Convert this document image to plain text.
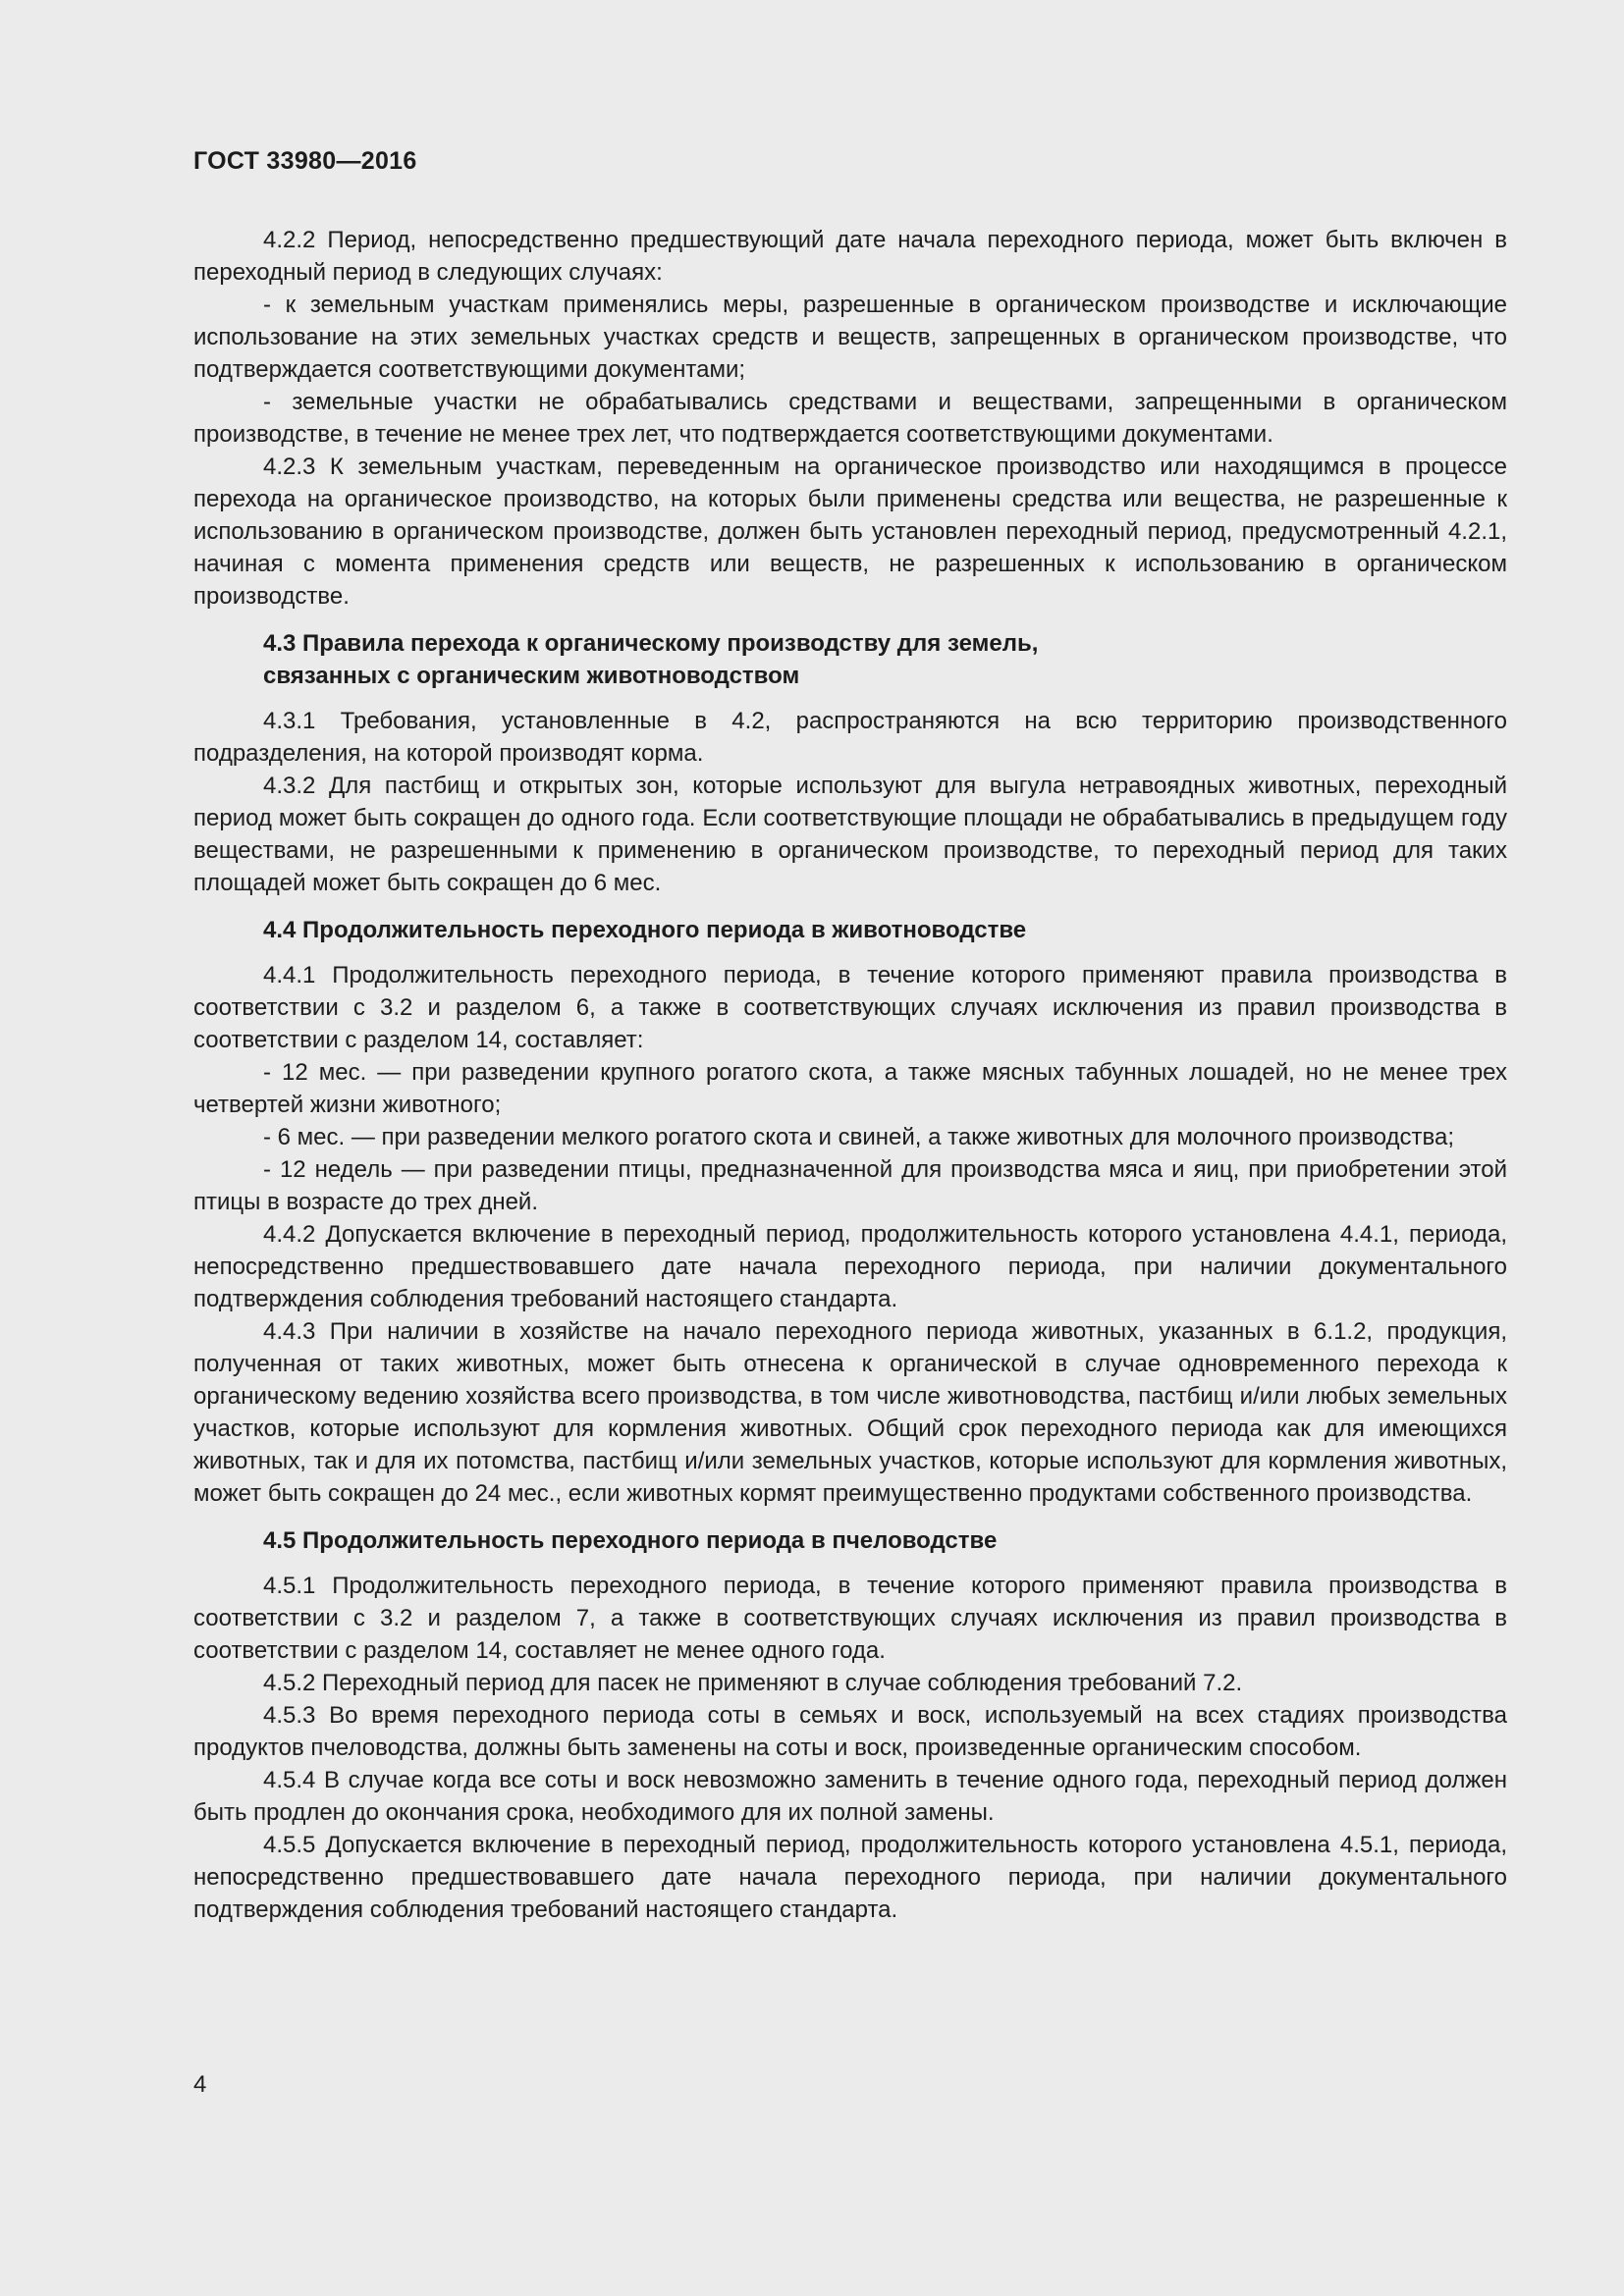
ГОСТ 33980—2016

4.2.2 Период, непосредственно предшествующий дате начала переходного периода, может быть включен в переходный период в следующих случаях:

- к земельным участкам применялись меры, разрешенные в органическом производстве и исключающие использование на этих земельных участках средств и веществ, запрещенных в органическом производстве, что подтверждается соответствующими документами;

- земельные участки не обрабатывались средствами и веществами, запрещенными в органическом производстве, в течение не менее трех лет, что подтверждается соответствующими документами.

4.2.3 К земельным участкам, переведенным на органическое производство или находящимся в процессе перехода на органическое производство, на которых были применены средства или вещества, не разрешенные к использованию в органическом производстве, должен быть установлен переходный период, предусмотренный 4.2.1, начиная с момента применения средств или веществ, не разрешенных к использованию в органическом производстве.

4.3 Правила перехода к органическому производству для земель,
связанных с органическим животноводством

4.3.1 Требования, установленные в 4.2, распространяются на всю территорию производственного подразделения, на которой производят корма.

4.3.2 Для пастбищ и открытых зон, которые используют для выгула нетравоядных животных, переходный период может быть сокращен до одного года. Если соответствующие площади не обрабатывались в предыдущем году веществами, не разрешенными к применению в органическом производстве, то переходный период для таких площадей может быть сокращен до 6 мес.

4.4 Продолжительность переходного периода в животноводстве

4.4.1 Продолжительность переходного периода, в течение которого применяют правила производства в соответствии с 3.2 и разделом 6, а также в соответствующих случаях исключения из правил производства в соответствии с разделом 14, составляет:

- 12 мес. — при разведении крупного рогатого скота, а также мясных табунных лошадей, но не менее трех четвертей жизни животного;

- 6 мес. — при разведении мелкого рогатого скота и свиней, а также животных для молочного производства;

- 12 недель — при разведении птицы, предназначенной для производства мяса и яиц, при приобретении этой птицы в возрасте до трех дней.

4.4.2 Допускается включение в переходный период, продолжительность которого установлена 4.4.1, периода, непосредственно предшествовавшего дате начала переходного периода, при наличии документального подтверждения соблюдения требований настоящего стандарта.

4.4.3 При наличии в хозяйстве на начало переходного периода животных, указанных в 6.1.2, продукция, полученная от таких животных, может быть отнесена к органической в случае одновременного перехода к органическому ведению хозяйства всего производства, в том числе животноводства, пастбищ и/или любых земельных участков, которые используют для кормления животных. Общий срок переходного периода как для имеющихся животных, так и для их потомства, пастбищ и/или земельных участков, которые используют для кормления животных, может быть сокращен до 24 мес., если животных кормят преимущественно продуктами собственного производства.

4.5 Продолжительность переходного периода в пчеловодстве

4.5.1 Продолжительность переходного периода, в течение которого применяют правила производства в соответствии с 3.2 и разделом 7, а также в соответствующих случаях исключения из правил производства в соответствии с разделом 14, составляет не менее одного года.

4.5.2 Переходный период для пасек не применяют в случае соблюдения требований 7.2.

4.5.3 Во время переходного периода соты в семьях и воск, используемый на всех стадиях производства продуктов пчеловодства, должны быть заменены на соты и воск, произведенные органическим способом.

4.5.4 В случае когда все соты и воск невозможно заменить в течение одного года, переходный период должен быть продлен до окончания срока, необходимого для их полной замены.

4.5.5 Допускается включение в переходный период, продолжительность которого установлена 4.5.1, периода, непосредственно предшествовавшего дате начала переходного периода, при наличии документального подтверждения соблюдения требований настоящего стандарта.

4
